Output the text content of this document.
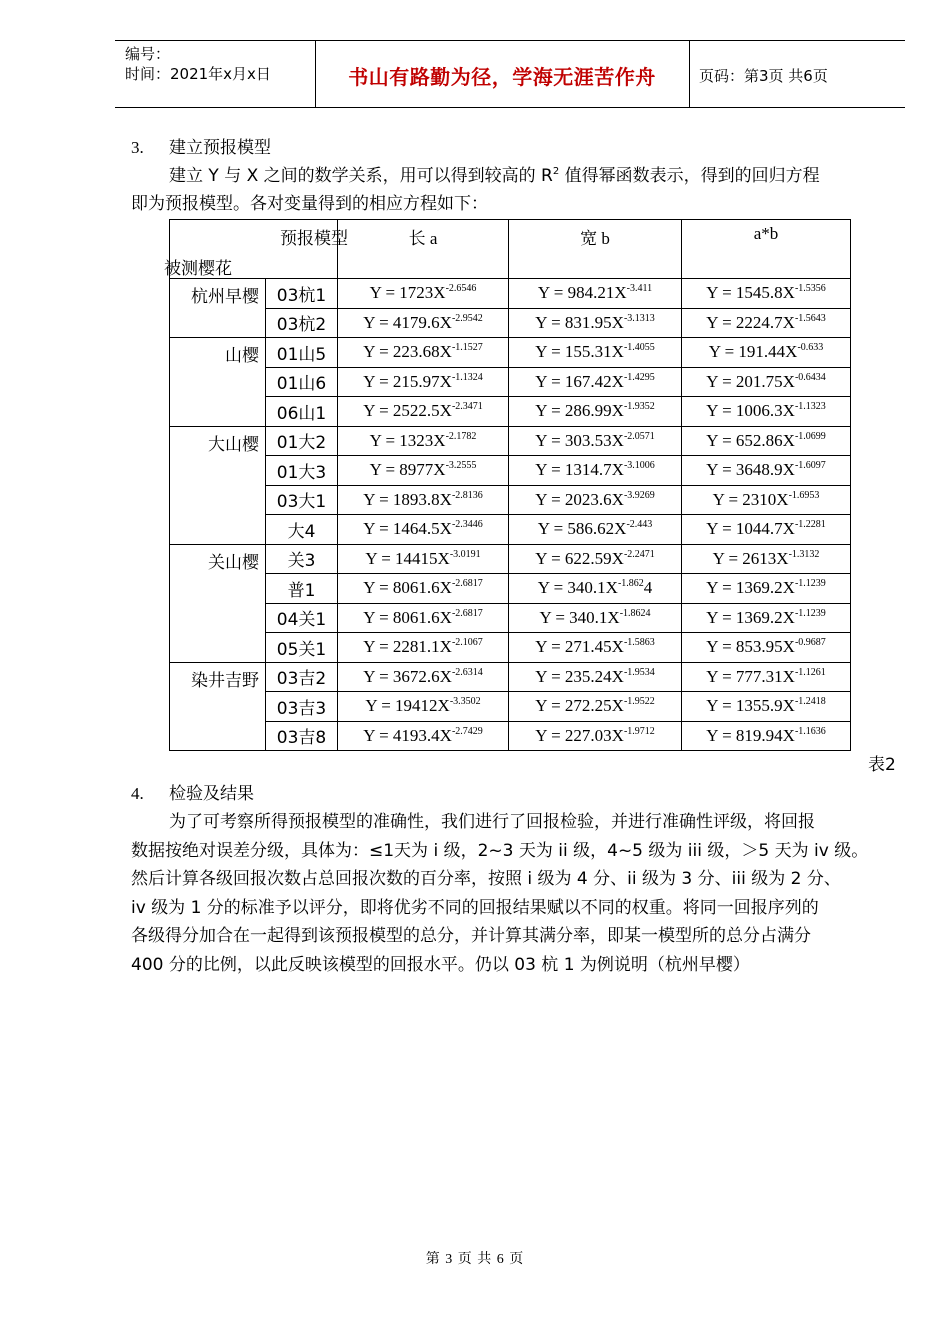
编号：
时间：2021年x月x日	书山有路勤为径，学海无涯苦作舟	页码：第3页 共6页
3. 建立预报模型
建立 Y 与 X 之间的数学关系，用可以得到较高的 $R^2$ 值得幂函数表示，得到的回归方程
即为预报模型。各对变量得到的相应方程如下：
预报模型
被测樱花		长 a	宽 b	a*b
杭州早樱	03杭1	$Y = 1723X^{-2.6546}$	$Y = 984.21X^{-3.411}$	$Y = 1545.8X^{-1.5356}$
	03杭2	$Y = 4179.6X^{-2.9542}$	$Y = 831.95X^{-3.1313}$	$Y = 2224.7X^{-1.5643}$
山樱	01山5	$Y = 223.68X^{-1.1527}$	$Y = 155.31X^{-1.4055}$	$Y = 191.44X^{-0.633}$
	01山6	$Y = 215.97X^{-1.1324}$	$Y = 167.42X^{-1.4295}$	$Y = 201.75X^{-0.6434}$
	06山1	$Y = 2522.5X^{-2.3471}$	$Y = 286.99X^{-1.9352}$	$Y = 1006.3X^{-1.1323}$
大山樱	01大2	$Y = 1323X^{-2.1782}$	$Y = 303.53X^{-2.0571}$	$Y = 652.86X^{-1.0699}$
	01大3	$Y = 8977X^{-3.2555}$	$Y = 1314.7X^{-3.1006}$	$Y = 3648.9X^{-1.6097}$
	03大1	$Y = 1893.8X^{-2.8136}$	$Y = 2023.6X^{-3.9269}$	$Y = 2310X^{-1.6953}$
	大4	$Y = 1464.5X^{-2.3446}$	$Y = 586.62X^{-2.443}$	$Y = 1044.7X^{-1.2281}$
关山樱	关3	$Y = 14415X^{-3.0191}$	$Y = 622.59X^{-2.2471}$	$Y = 2613X^{-1.3132}$
	普1	$Y = 8061.6X^{-2.6817}$	$Y = 340.1X^{-1.862}4$	$Y = 1369.2X^{-1.1239}$
	04关1	$Y = 8061.6X^{-2.6817}$	$Y = 340.1X^{-1.8624}$	$Y = 1369.2X^{-1.1239}$
	05关1	$Y = 2281.1X^{-2.1067}$	$Y = 271.45X^{-1.5863}$	$Y = 853.95X^{-0.9687}$
染井吉野	03吉2	$Y = 3672.6X^{-2.6314}$	$Y = 235.24X^{-1.9534}$	$Y = 777.31X^{-1.1261}$
	03吉3	$Y = 19412X^{-3.3502}$	$Y = 272.25X^{-1.9522}$	$Y = 1355.9X^{-1.2418}$
	03吉8	$Y = 4193.4X^{-2.7429}$	$Y = 227.03X^{-1.9712}$	$Y = 819.94X^{-1.1636}$
表2
4. 检验及结果
为了可考察所得预报模型的准确性，我们进行了回报检验，并进行准确性评级，将回报
数据按绝对误差分级，具体为：≤1天为 i 级，2~3 天为 ii 级，4~5 级为 iii 级，＞5 天为 iv 级。
然后计算各级回报次数占总回报次数的百分率，按照 i 级为 4 分、ii 级为 3 分、iii 级为 2 分、
iv 级为 1 分的标准予以评分，即将优劣不同的回报结果赋以不同的权重。将同一回报序列的
各级得分加合在一起得到该预报模型的总分，并计算其满分率，即某一模型所的总分占满分
400 分的比例，以此反映该模型的回报水平。仍以 03 杭 1 为例说明（杭州早樱）
第 3 页 共 6 页
